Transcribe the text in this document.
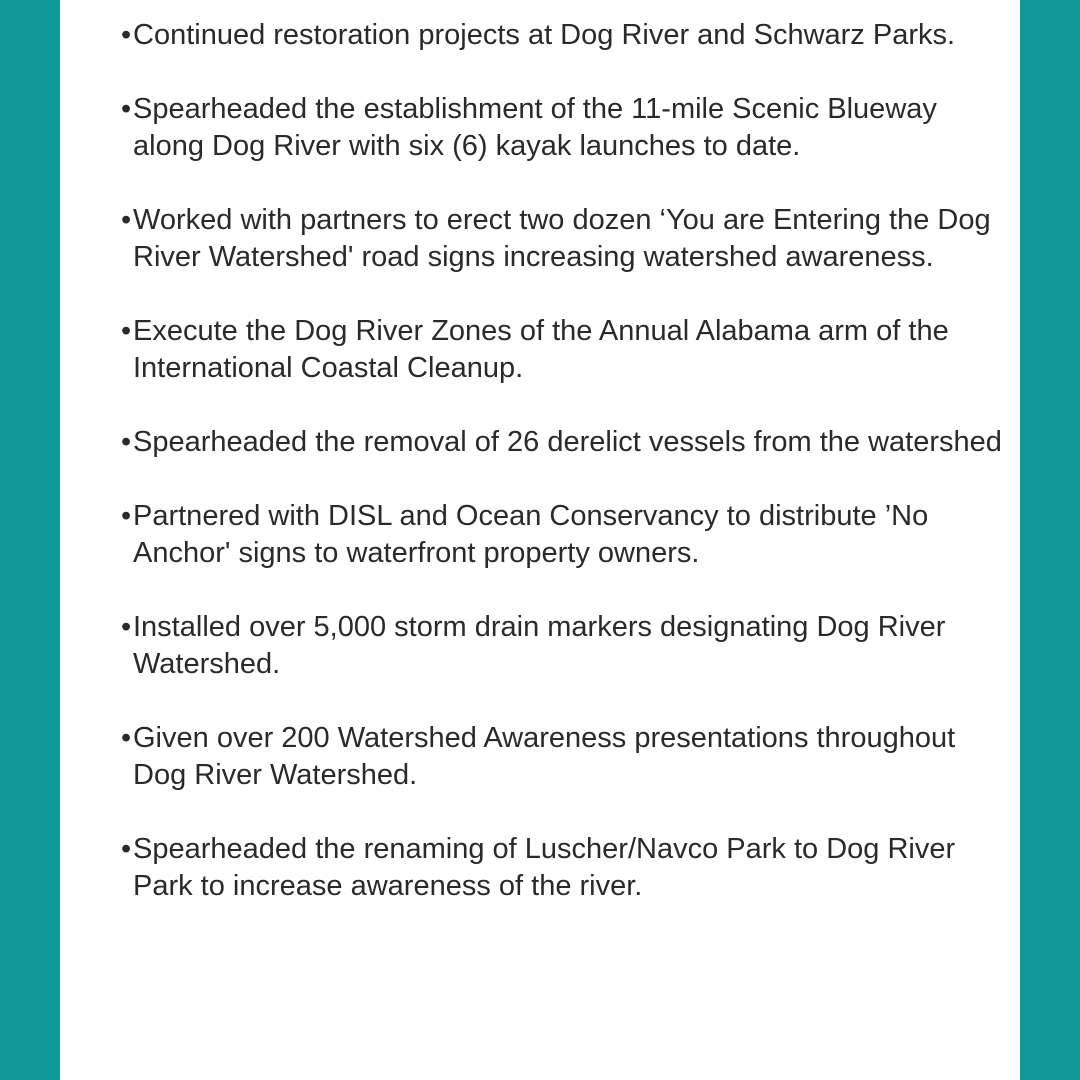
•Continued restoration projects at Dog River and Schwarz Parks.
•Spearheaded the establishment of the 11-mile Scenic Blueway along Dog River with six (6) kayak launches to date.
•Worked with partners to erect two dozen ‘You are Entering the Dog River Watershed' road signs increasing watershed awareness.
•Execute the Dog River Zones of the Annual Alabama arm of the International Coastal Cleanup.
•Spearheaded the removal of 26 derelict vessels from the watershed
•Partnered with DISL and Ocean Conservancy to distribute ’No Anchor' signs to waterfront property owners.
•Installed over 5,000 storm drain markers designating Dog River Watershed.
•Given over 200 Watershed Awareness presentations throughout Dog River Watershed.
•Spearheaded the renaming of Luscher/Navco Park to Dog River Park to increase awareness of the river.
